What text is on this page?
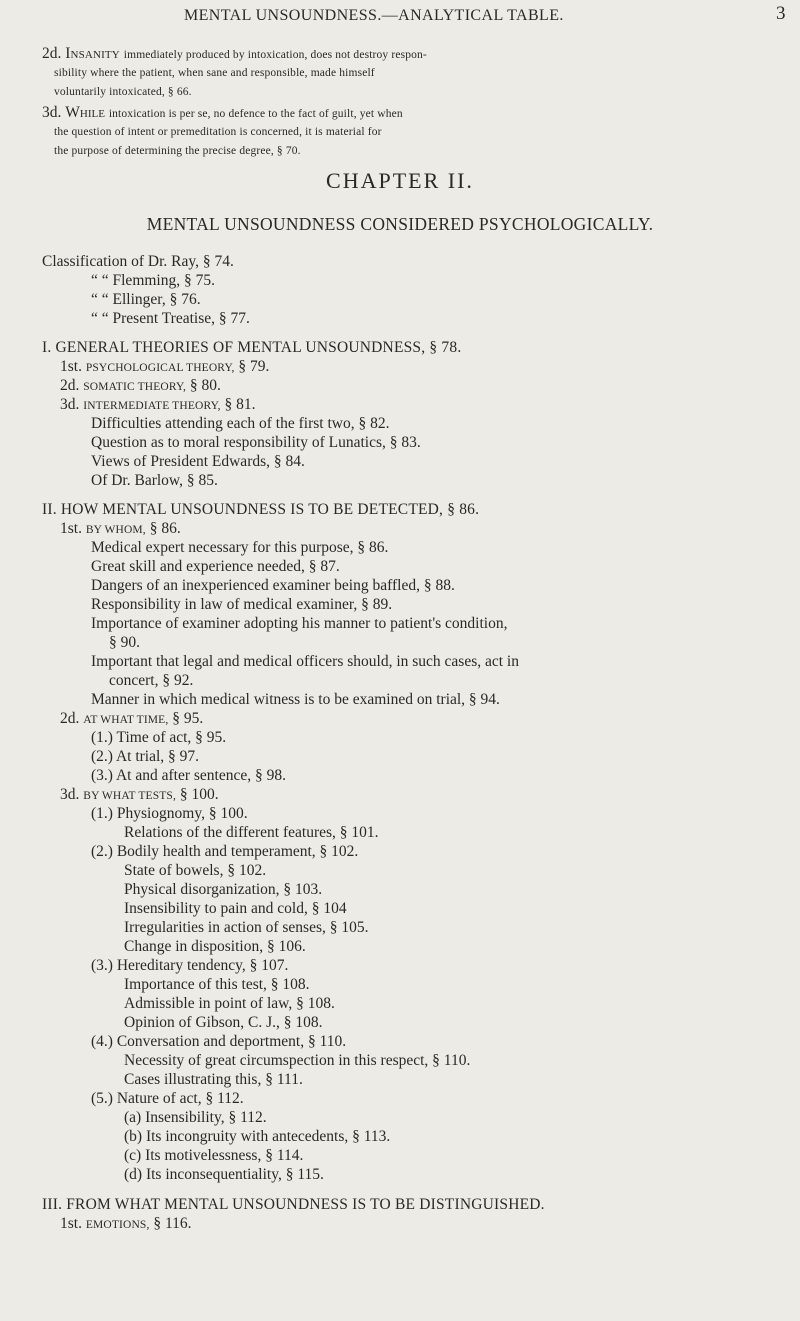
MENTAL UNSOUNDNESS.—ANALYTICAL TABLE.	3
2d. Insanity immediately produced by intoxication, does not destroy respon-
sibility where the patient, when sane and responsible, made himself
voluntarily intoxicated, § 66.
3d. While intoxication is per se, no defence to the fact of guilt, yet when
the question of intent or premeditation is concerned, it is material for
the purpose of determining the precise degree, § 70.
CHAPTER II.
MENTAL UNSOUNDNESS CONSIDERED PSYCHOLOGICALLY.
Classification of Dr. Ray, § 74.
“ “ Flemming, § 75.
“ “ Ellinger, § 76.
“ “ Present Treatise, § 77.
I. GENERAL THEORIES OF MENTAL UNSOUNDNESS, § 78.
1st. PSYCHOLOGICAL THEORY, § 79.
2d. SOMATIC THEORY, § 80.
3d. INTERMEDIATE THEORY, § 81.
Difficulties attending each of the first two, § 82.
Question as to moral responsibility of Lunatics, § 83.
Views of President Edwards, § 84.
Of Dr. Barlow, § 85.
II. HOW MENTAL UNSOUNDNESS IS TO BE DETECTED, § 86.
1st. BY WHOM, § 86.
Medical expert necessary for this purpose, § 86.
Great skill and experience needed, § 87.
Dangers of an inexperienced examiner being baffled, § 88.
Responsibility in law of medical examiner, § 89.
Importance of examiner adopting his manner to patient's condition,
§ 90.
Important that legal and medical officers should, in such cases, act in
concert, § 92.
Manner in which medical witness is to be examined on trial, § 94.
2d. AT WHAT TIME, § 95.
(1.) Time of act, § 95.
(2.) At trial, § 97.
(3.) At and after sentence, § 98.
3d. BY WHAT TESTS, § 100.
(1.) Physiognomy, § 100.
Relations of the different features, § 101.
(2.) Bodily health and temperament, § 102.
State of bowels, § 102.
Physical disorganization, § 103.
Insensibility to pain and cold, § 104
Irregularities in action of senses, § 105.
Change in disposition, § 106.
(3.) Hereditary tendency, § 107.
Importance of this test, § 108.
Admissible in point of law, § 108.
Opinion of Gibson, C. J., § 108.
(4.) Conversation and deportment, § 110.
Necessity of great circumspection in this respect, § 110.
Cases illustrating this, § 111.
(5.) Nature of act, § 112.
(a) Insensibility, § 112.
(b) Its incongruity with antecedents, § 113.
(c) Its motivelessness, § 114.
(d) Its inconsequentiality, § 115.
III. FROM WHAT MENTAL UNSOUNDNESS IS TO BE DISTINGUISHED.
1st. EMOTIONS, § 116.
